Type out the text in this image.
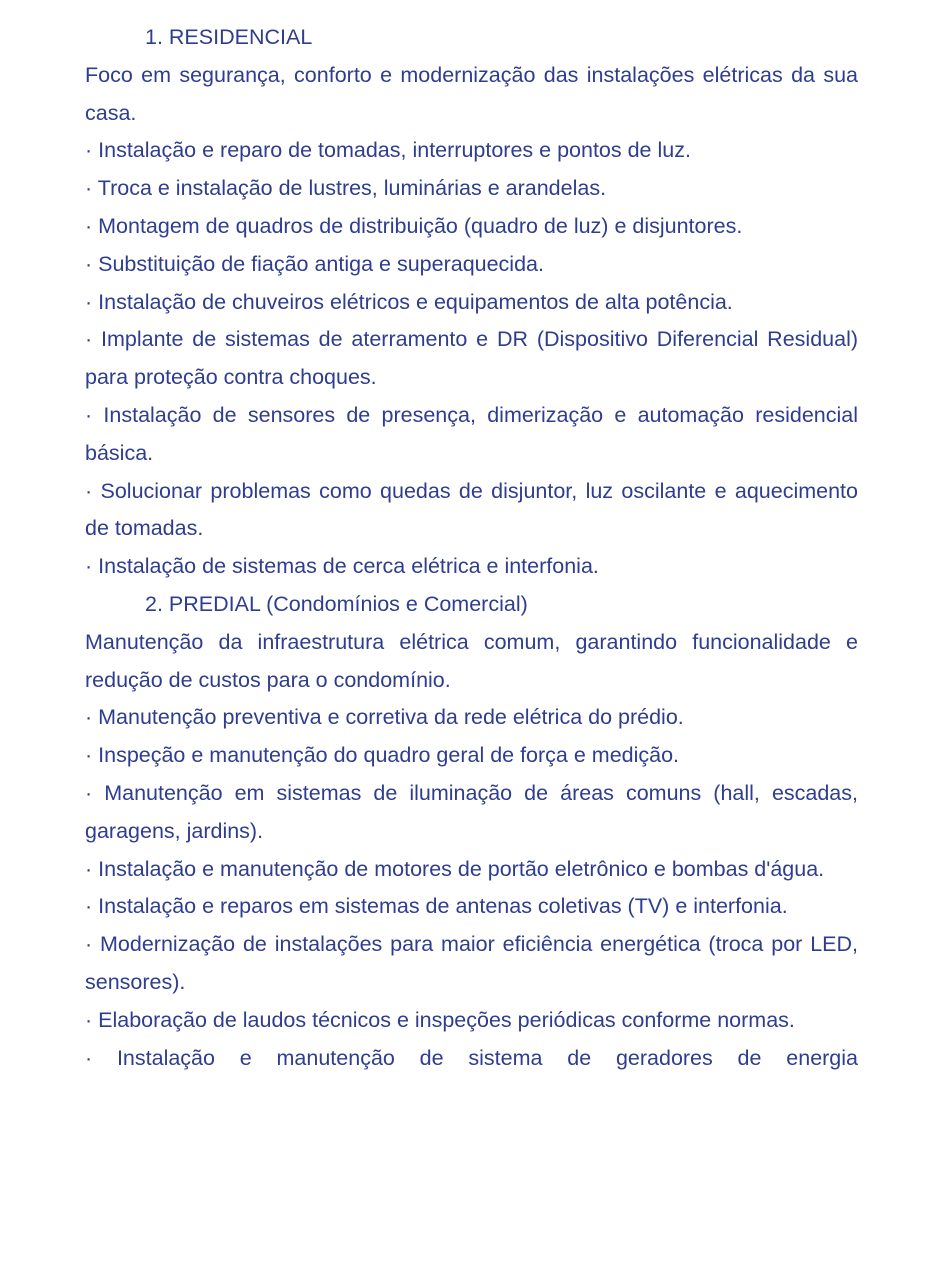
1. RESIDENCIAL

Foco em segurança, conforto e modernização das instalações elétricas da sua casa.

· Instalação e reparo de tomadas, interruptores e pontos de luz.

· Troca e instalação de lustres, luminárias e arandelas.

· Montagem de quadros de distribuição (quadro de luz) e disjuntores.

· Substituição de fiação antiga e superaquecida.

· Instalação de chuveiros elétricos e equipamentos de alta potência.

· Implante de sistemas de aterramento e DR (Dispositivo Diferencial Residual) para proteção contra choques.

· Instalação de sensores de presença, dimerização e automação residencial básica.

· Solucionar problemas como quedas de disjuntor, luz oscilante e aquecimento de tomadas.

· Instalação de sistemas de cerca elétrica e interfonia.

2. PREDIAL (Condomínios e Comercial)

Manutenção da infraestrutura elétrica comum, garantindo funcionalidade e redução de custos para o condomínio.

· Manutenção preventiva e corretiva da rede elétrica do prédio.

· Inspeção e manutenção do quadro geral de força e medição.

· Manutenção em sistemas de iluminação de áreas comuns (hall, escadas, garagens, jardins).

· Instalação e manutenção de motores de portão eletrônico e bombas d'água.

· Instalação e reparos em sistemas de antenas coletivas (TV) e interfonia.

· Modernização de instalações para maior eficiência energética (troca por LED, sensores).

· Elaboração de laudos técnicos e inspeções periódicas conforme normas.

· Instalação e manutenção de sistema de geradores de energia
